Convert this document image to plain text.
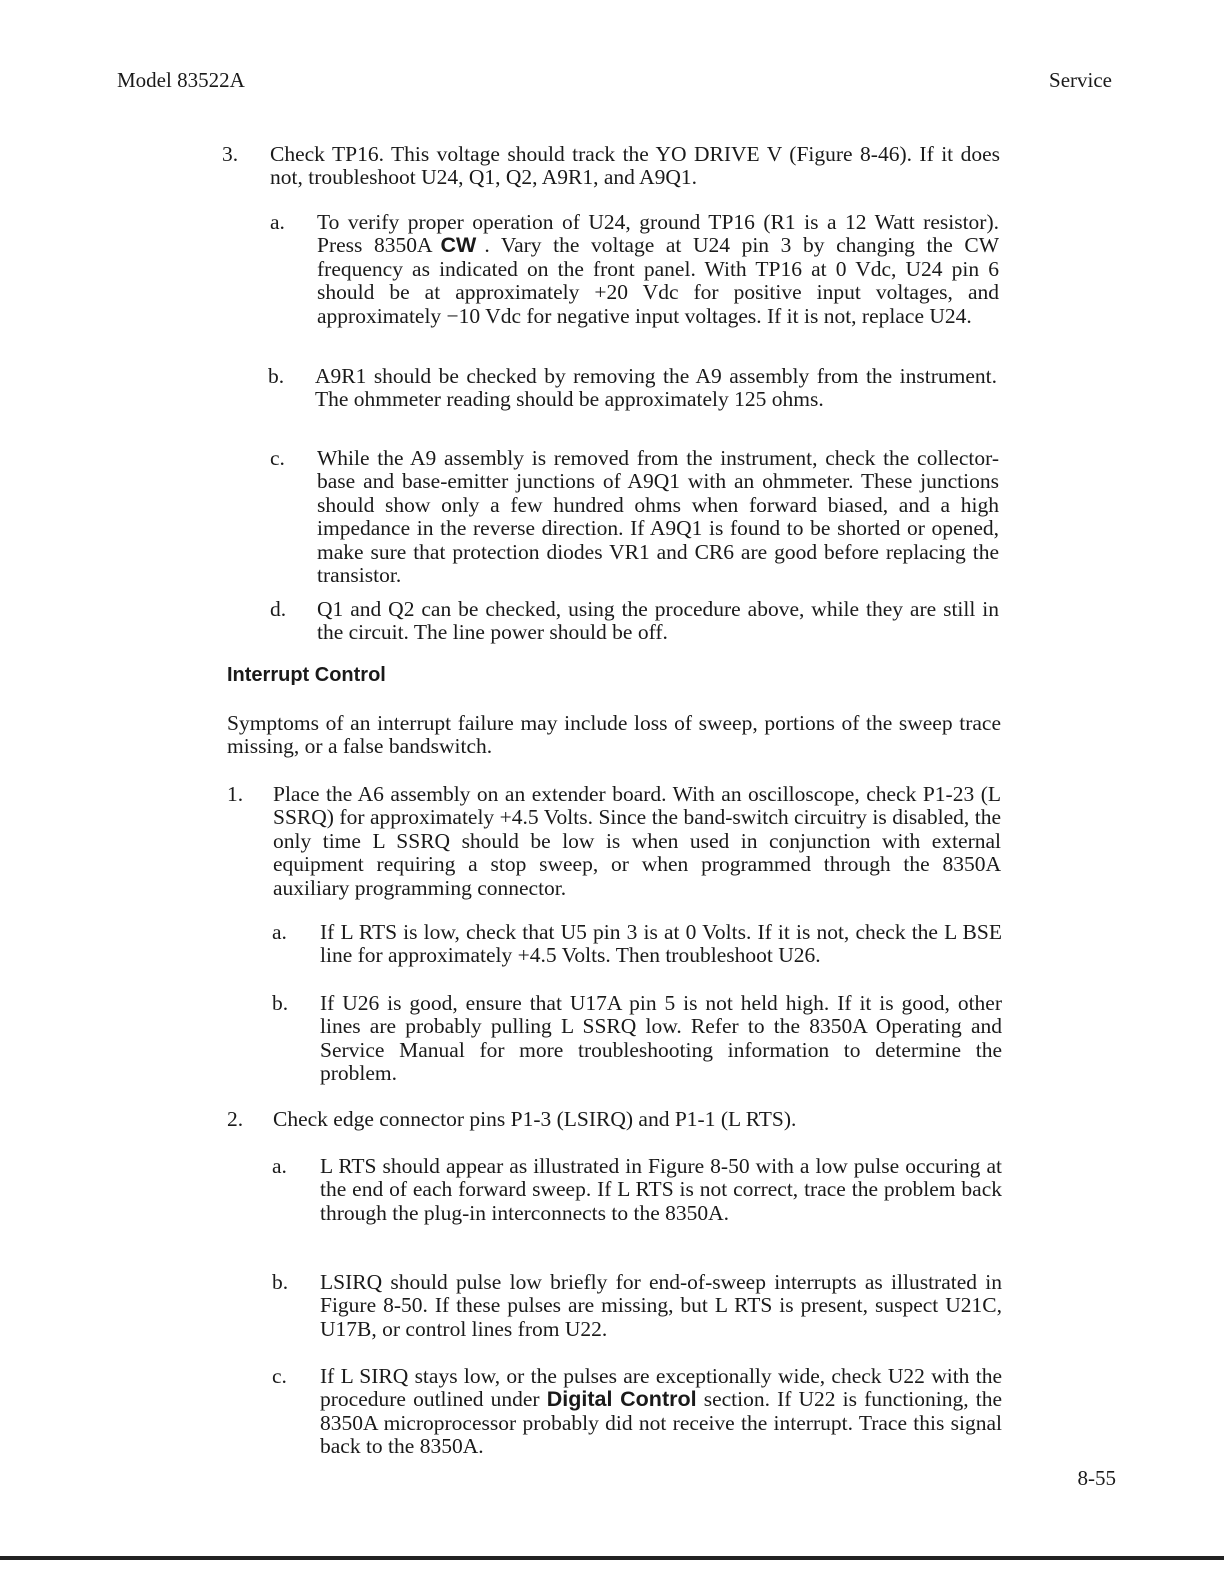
Model 83522A	Service
3. Check TP16. This voltage should track the YO DRIVE V (Figure 8-46). If it does not, troubleshoot U24, Q1, Q2, A9R1, and A9Q1.
a. To verify proper operation of U24, ground TP16 (R1 is a 12 Watt resistor). Press 8350A CW . Vary the voltage at U24 pin 3 by changing the CW frequency as indicated on the front panel. With TP16 at 0 Vdc, U24 pin 6 should be at approximately +20 Vdc for positive input voltages, and approximately −10 Vdc for negative input voltages. If it is not, replace U24.
b. A9R1 should be checked by removing the A9 assembly from the instrument. The ohmmeter reading should be approximately 125 ohms.
c. While the A9 assembly is removed from the instrument, check the collector-base and base-emitter junctions of A9Q1 with an ohmmeter. These junctions should show only a few hundred ohms when forward biased, and a high impedance in the reverse direction. If A9Q1 is found to be shorted or opened, make sure that protection diodes VR1 and CR6 are good before replacing the transistor.
d. Q1 and Q2 can be checked, using the procedure above, while they are still in the circuit. The line power should be off.
Interrupt Control
Symptoms of an interrupt failure may include loss of sweep, portions of the sweep trace missing, or a false bandswitch.
1. Place the A6 assembly on an extender board. With an oscilloscope, check P1-23 (L SSRQ) for approximately +4.5 Volts. Since the band-switch circuitry is disabled, the only time L SSRQ should be low is when used in conjunction with external equipment requiring a stop sweep, or when programmed through the 8350A auxiliary programming connector.
a. If L RTS is low, check that U5 pin 3 is at 0 Volts. If it is not, check the L BSE line for approximately +4.5 Volts. Then troubleshoot U26.
b. If U26 is good, ensure that U17A pin 5 is not held high. If it is good, other lines are probably pulling L SSRQ low. Refer to the 8350A Operating and Service Manual for more troubleshooting information to determine the problem.
2. Check edge connector pins P1-3 (LSIRQ) and P1-1 (L RTS).
a. L RTS should appear as illustrated in Figure 8-50 with a low pulse occuring at the end of each forward sweep. If L RTS is not correct, trace the problem back through the plug-in interconnects to the 8350A.
b. LSIRQ should pulse low briefly for end-of-sweep interrupts as illustrated in Figure 8-50. If these pulses are missing, but L RTS is present, suspect U21C, U17B, or control lines from U22.
c. If L SIRQ stays low, or the pulses are exceptionally wide, check U22 with the procedure outlined under Digital Control section. If U22 is functioning, the 8350A microprocessor probably did not receive the interrupt. Trace this signal back to the 8350A.
8-55
